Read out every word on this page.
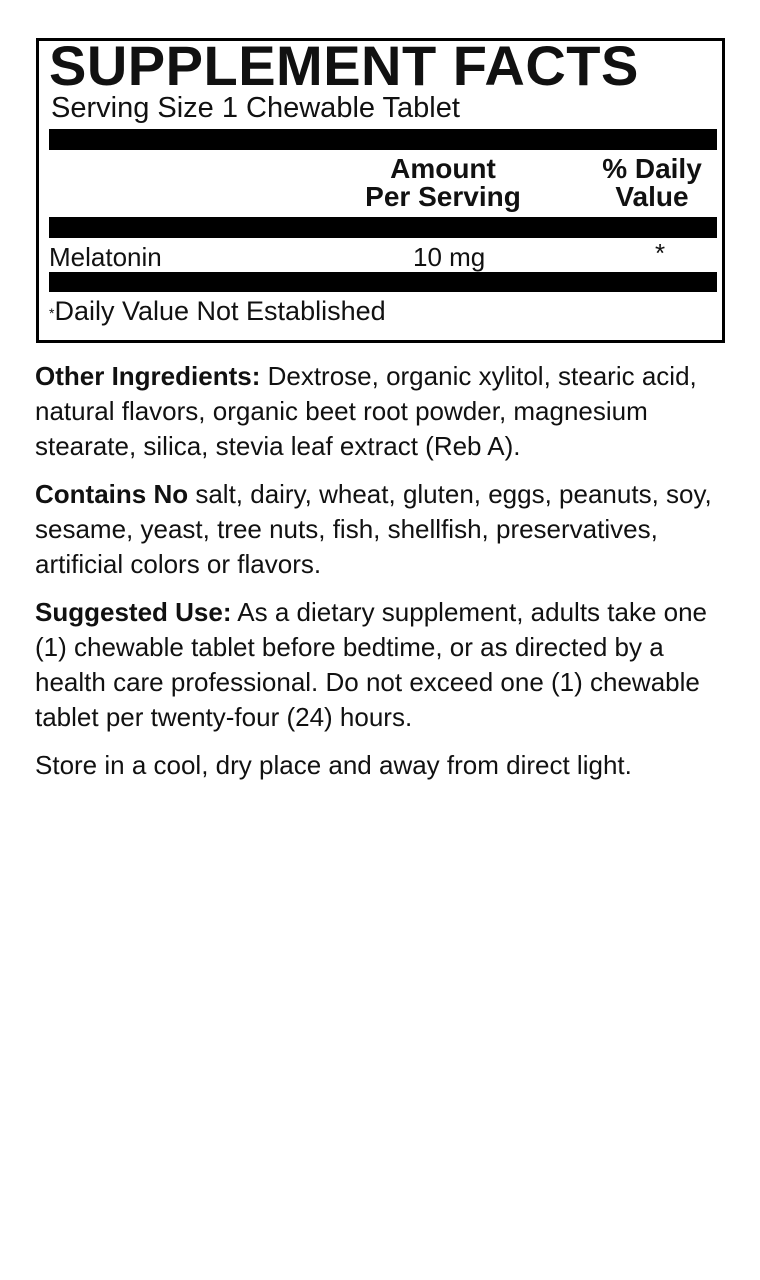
SUPPLEMENT FACTS
Serving Size 1 Chewable Tablet
Amount
Per Serving
% Daily
Value
Melatonin	10 mg	*
*Daily Value Not Established
Other Ingredients: Dextrose, organic xylitol, stearic acid, natural flavors, organic beet root powder, magnesium stearate, silica, stevia leaf extract (Reb A).
Contains No salt, dairy, wheat, gluten, eggs, peanuts, soy, sesame, yeast, tree nuts, fish, shellfish, preservatives, artificial colors or flavors.
Suggested Use: As a dietary supplement, adults take one (1) chewable tablet before bedtime, or as directed by a health care professional. Do not exceed one (1) chewable tablet per twenty-four (24) hours.
Store in a cool, dry place and away from direct light.
